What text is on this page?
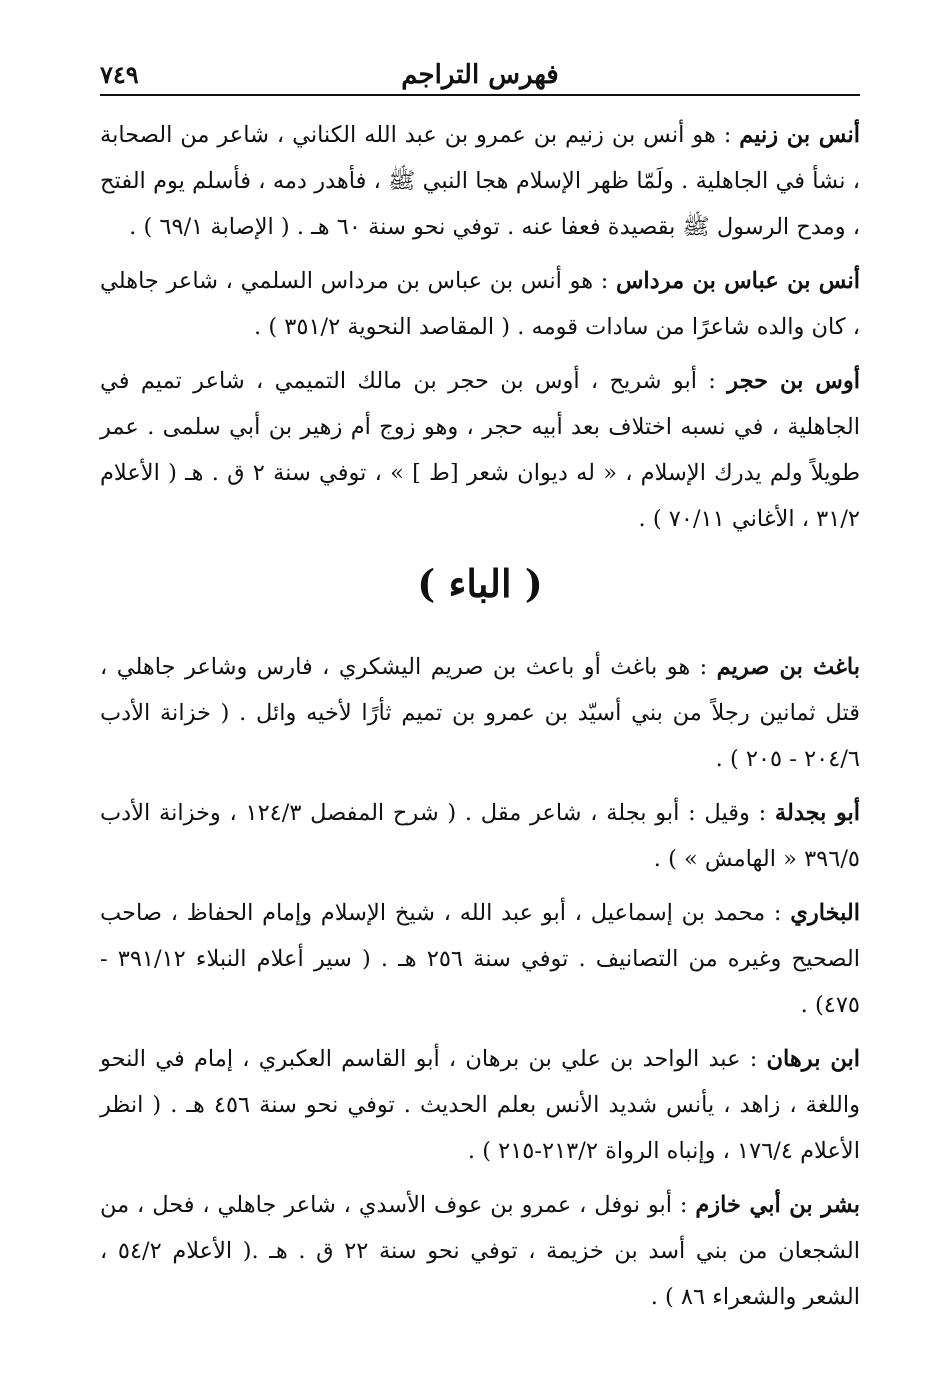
فهرس التراجم
٧٤٩

أنس بن زنيم : هو أنس بن زنيم بن عمرو بن عبد الله الكناني ، شاعر من الصحابة ، نشأ في الجاهلية . ولَمّا ظهر الإسلام هجا النبي ﷺ ، فأهدر دمه ، فأسلم يوم الفتح ، ومدح الرسول ﷺ بقصيدة فعفا عنه . توفي نحو سنة ٦٠ هـ . ( الإصابة ٦٩/١ ) .

أنس بن عباس بن مرداس : هو أنس بن عباس بن مرداس السلمي ، شاعر جاهلي ، كان والده شاعرًا من سادات قومه . ( المقاصد النحوية ٣٥١/٢ ) .

أوس بن حجر : أبو شريح ، أوس بن حجر بن مالك التميمي ، شاعر تميم في الجاهلية ، في نسبه اختلاف بعد أبيه حجر ، وهو زوج أم زهير بن أبي سلمى . عمر طويلاً ولم يدرك الإسلام ، « له ديوان شعر [ط ] » ، توفي سنة ٢ ق . هـ ( الأعلام ٣١/٢ ، الأغاني ٧٠/١١ ) .

( الباء )

باغث بن صريم : هو باغث أو باعث بن صريم اليشكري ، فارس وشاعر جاهلي ، قتل ثمانين رجلاً من بني أسيّد بن عمرو بن تميم ثأرًا لأخيه وائل . ( خزانة الأدب ٢٠٤/٦ - ٢٠٥ ) .

أبو بجدلة : وقيل : أبو بجلة ، شاعر مقل . ( شرح المفصل ١٢٤/٣ ، وخزانة الأدب ٣٩٦/٥ « الهامش » ) .

البخاري : محمد بن إسماعيل ، أبو عبد الله ، شيخ الإسلام وإمام الحفاظ ، صاحب الصحيح وغيره من التصانيف . توفي سنة ٢٥٦ هـ . ( سير أعلام النبلاء ٣٩١/١٢ - ٤٧٥) .

ابن برهان : عبد الواحد بن علي بن برهان ، أبو القاسم العكبري ، إمام في النحو واللغة ، زاهد ، يأنس شديد الأنس بعلم الحديث . توفي نحو سنة ٤٥٦ هـ . ( انظر الأعلام ١٧٦/٤ ، وإنباه الرواة ٢١٣/٢-٢١٥ ) .

بشر بن أبي خازم : أبو نوفل ، عمرو بن عوف الأسدي ، شاعر جاهلي ، فحل ، من الشجعان من بني أسد بن خزيمة ، توفي نحو سنة ٢٢ ق . هـ .( الأعلام ٥٤/٢ ، الشعر والشعراء ٨٦ ) .
